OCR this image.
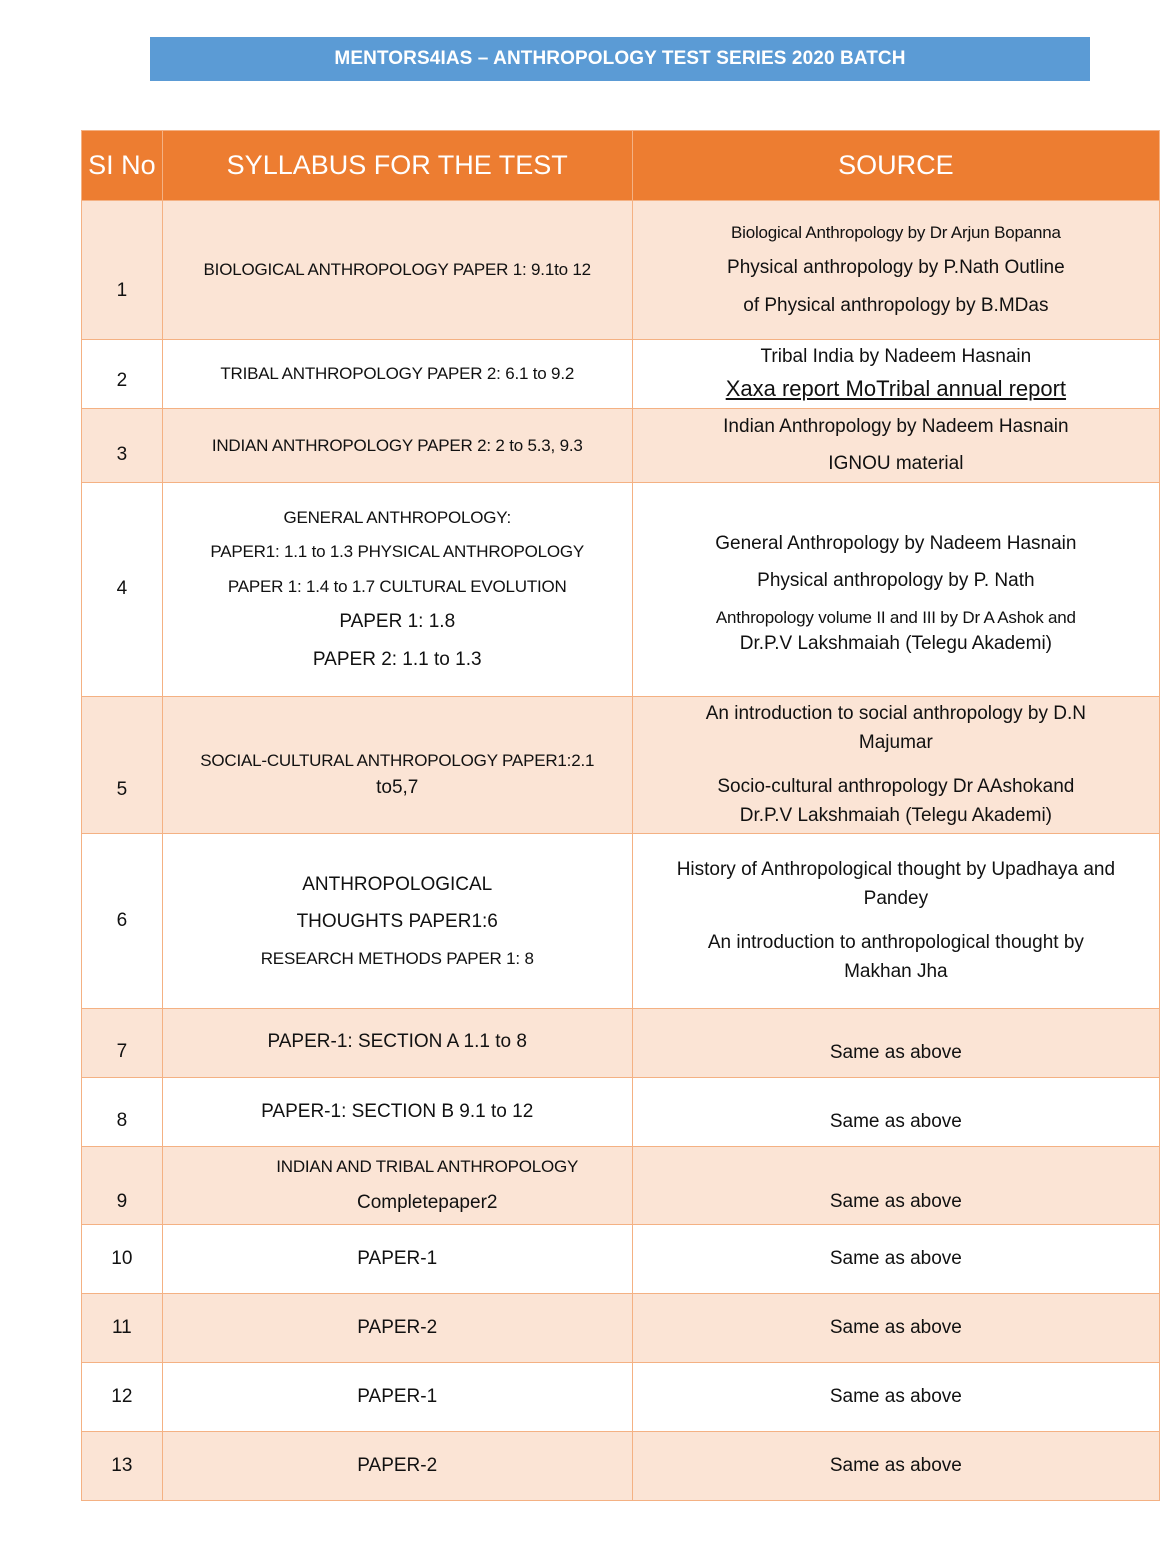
MENTORS4IAS – ANTHROPOLOGY TEST SERIES 2020 BATCH
SI No	SYLLABUS FOR THE TEST	SOURCE
1	BIOLOGICAL ANTHROPOLOGY PAPER 1: 9.1to 12	Biological Anthropology by Dr Arjun Bopanna
Physical anthropology by P.Nath Outline
of Physical anthropology by B.MDas

2	TRIBAL ANTHROPOLOGY PAPER 2: 6.1 to 9.2	Tribal India by Nadeem Hasnain
Xaxa report MoTribal annual report

3	INDIAN ANTHROPOLOGY PAPER 2: 2 to 5.3, 9.3	Indian Anthropology by Nadeem Hasnain
IGNOU material

4	GENERAL ANTHROPOLOGY:
PAPER1: 1.1 to 1.3 PHYSICAL ANTHROPOLOGY
PAPER 1: 1.4 to 1.7 CULTURAL EVOLUTION
PAPER 1: 1.8
PAPER 2: 1.1 to 1.3	General Anthropology by Nadeem Hasnain
Physical anthropology by P. Nath
Anthropology volume II and III by Dr A Ashok and
Dr.P.V Lakshmaiah (Telegu Akademi)

5	SOCIAL-CULTURAL ANTHROPOLOGY PAPER1:2.1
to5,7	An introduction to social anthropology by D.N
Majumar
Socio-cultural anthropology Dr AAshokand
Dr.P.V Lakshmaiah (Telegu Akademi)

6	ANTHROPOLOGICAL
THOUGHTS PAPER1:6
RESEARCH METHODS PAPER 1: 8	History of Anthropological thought by Upadhaya and
Pandey
An introduction to anthropological thought by
Makhan Jha

7	PAPER-1: SECTION A 1.1 to 8	Same as above

8	PAPER-1: SECTION B 9.1 to 12	Same as above

9	INDIAN AND TRIBAL ANTHROPOLOGY
Completepaper2	Same as above

10	PAPER-1	Same as above

11	PAPER-2	Same as above

12	PAPER-1	Same as above

13	PAPER-2	Same as above
